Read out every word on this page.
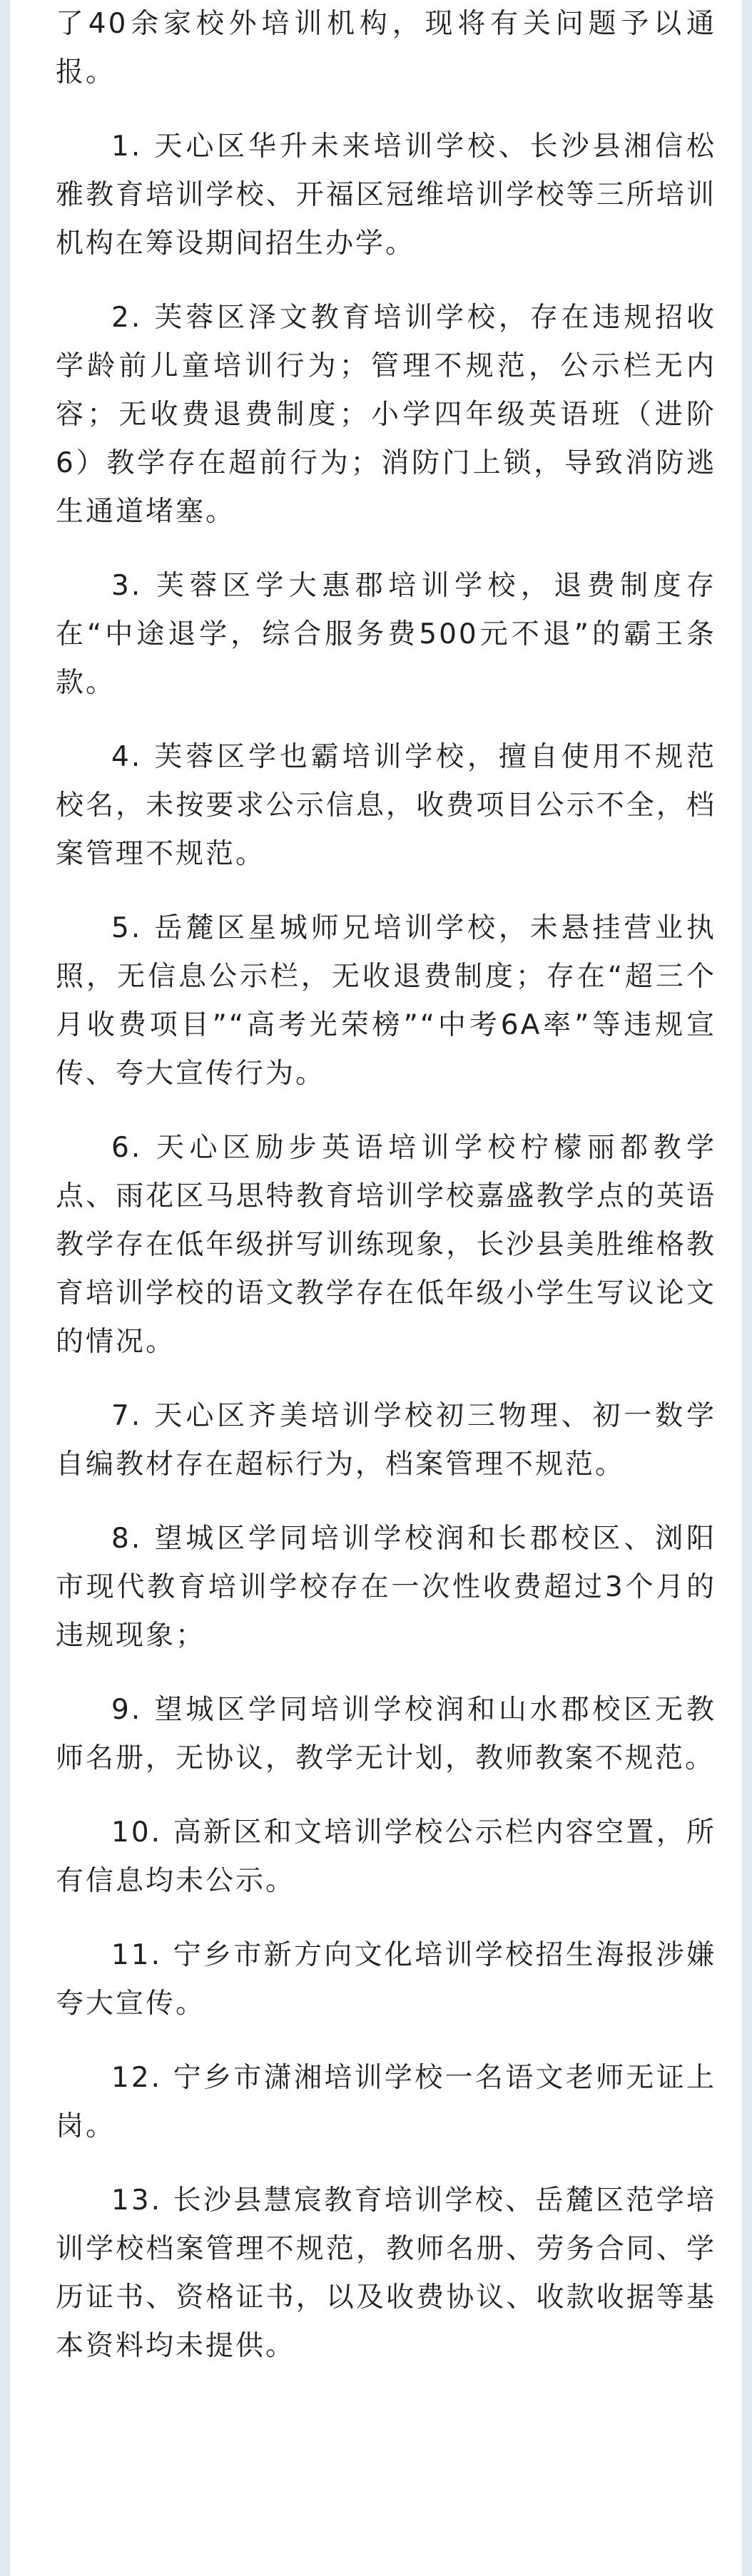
了40余家校外培训机构，现将有关问题予以通报。

1. 天心区华升未来培训学校、长沙县湘信松雅教育培训学校、开福区冠维培训学校等三所培训机构在筹设期间招生办学。

2. 芙蓉区泽文教育培训学校，存在违规招收学龄前儿童培训行为；管理不规范，公示栏无内容；无收费退费制度；小学四年级英语班（进阶6）教学存在超前行为；消防门上锁，导致消防逃生通道堵塞。

3. 芙蓉区学大惠郡培训学校，退费制度存在“中途退学，综合服务费500元不退”的霸王条款。

4. 芙蓉区学也霸培训学校，擅自使用不规范校名，未按要求公示信息，收费项目公示不全，档案管理不规范。

5. 岳麓区星城师兄培训学校，未悬挂营业执照，无信息公示栏，无收退费制度；存在“超三个月收费项目”“高考光荣榜”“中考6A率”等违规宣传、夸大宣传行为。

6. 天心区励步英语培训学校柠檬丽都教学点、雨花区马思特教育培训学校嘉盛教学点的英语教学存在低年级拼写训练现象，长沙县美胜维格教育培训学校的语文教学存在低年级小学生写议论文的情况。

7. 天心区齐美培训学校初三物理、初一数学自编教材存在超标行为，档案管理不规范。

8. 望城区学同培训学校润和长郡校区、浏阳市现代教育培训学校存在一次性收费超过3个月的违规现象；

9. 望城区学同培训学校润和山水郡校区无教师名册，无协议，教学无计划，教师教案不规范。

10. 高新区和文培训学校公示栏内容空置，所有信息均未公示。

11. 宁乡市新方向文化培训学校招生海报涉嫌夸大宣传。

12. 宁乡市潇湘培训学校一名语文老师无证上岗。

13. 长沙县慧宸教育培训学校、岳麓区范学培训学校档案管理不规范，教师名册、劳务合同、学历证书、资格证书，以及收费协议、收款收据等基本资料均未提供。
